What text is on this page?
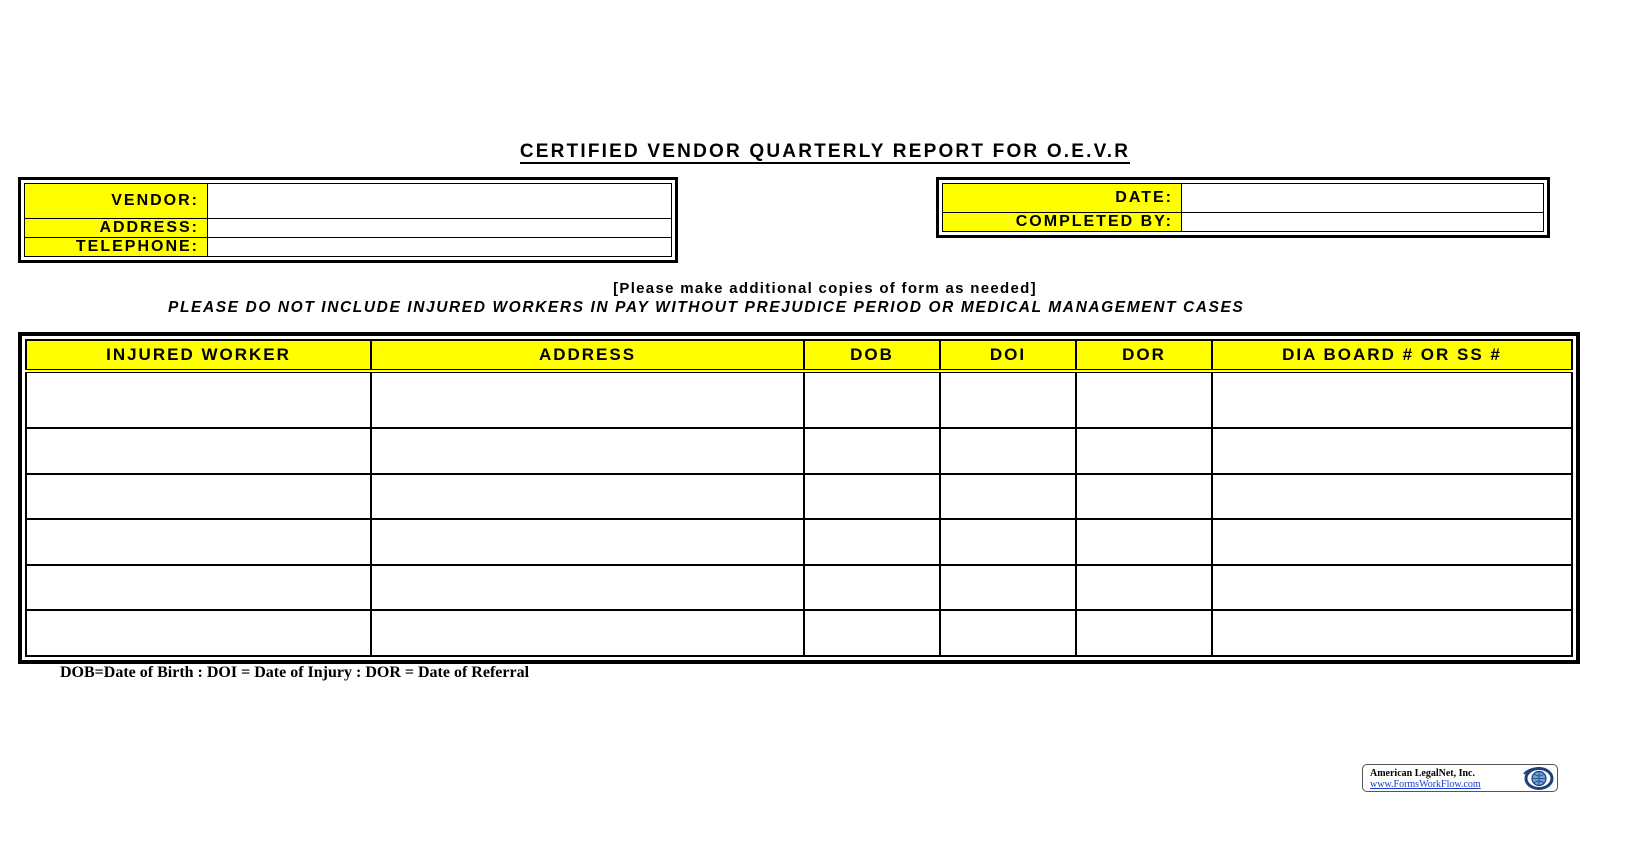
CERTIFIED VENDOR QUARTERLY REPORT FOR O.E.V.R
VENDOR:	
ADDRESS:	
TELEPHONE:	
DATE:	
COMPLETED BY:	
[Please make additional copies of form as needed]
PLEASE DO NOT INCLUDE INJURED WORKERS IN PAY WITHOUT PREJUDICE PERIOD OR MEDICAL MANAGEMENT CASES
INJURED WORKER	ADDRESS	DOB	DOI	DOR	DIA BOARD # OR SS #

DOB=Date of Birth : DOI = Date of Injury : DOR = Date of Referral
American LegalNet, Inc.
www.FormsWorkFlow.com
